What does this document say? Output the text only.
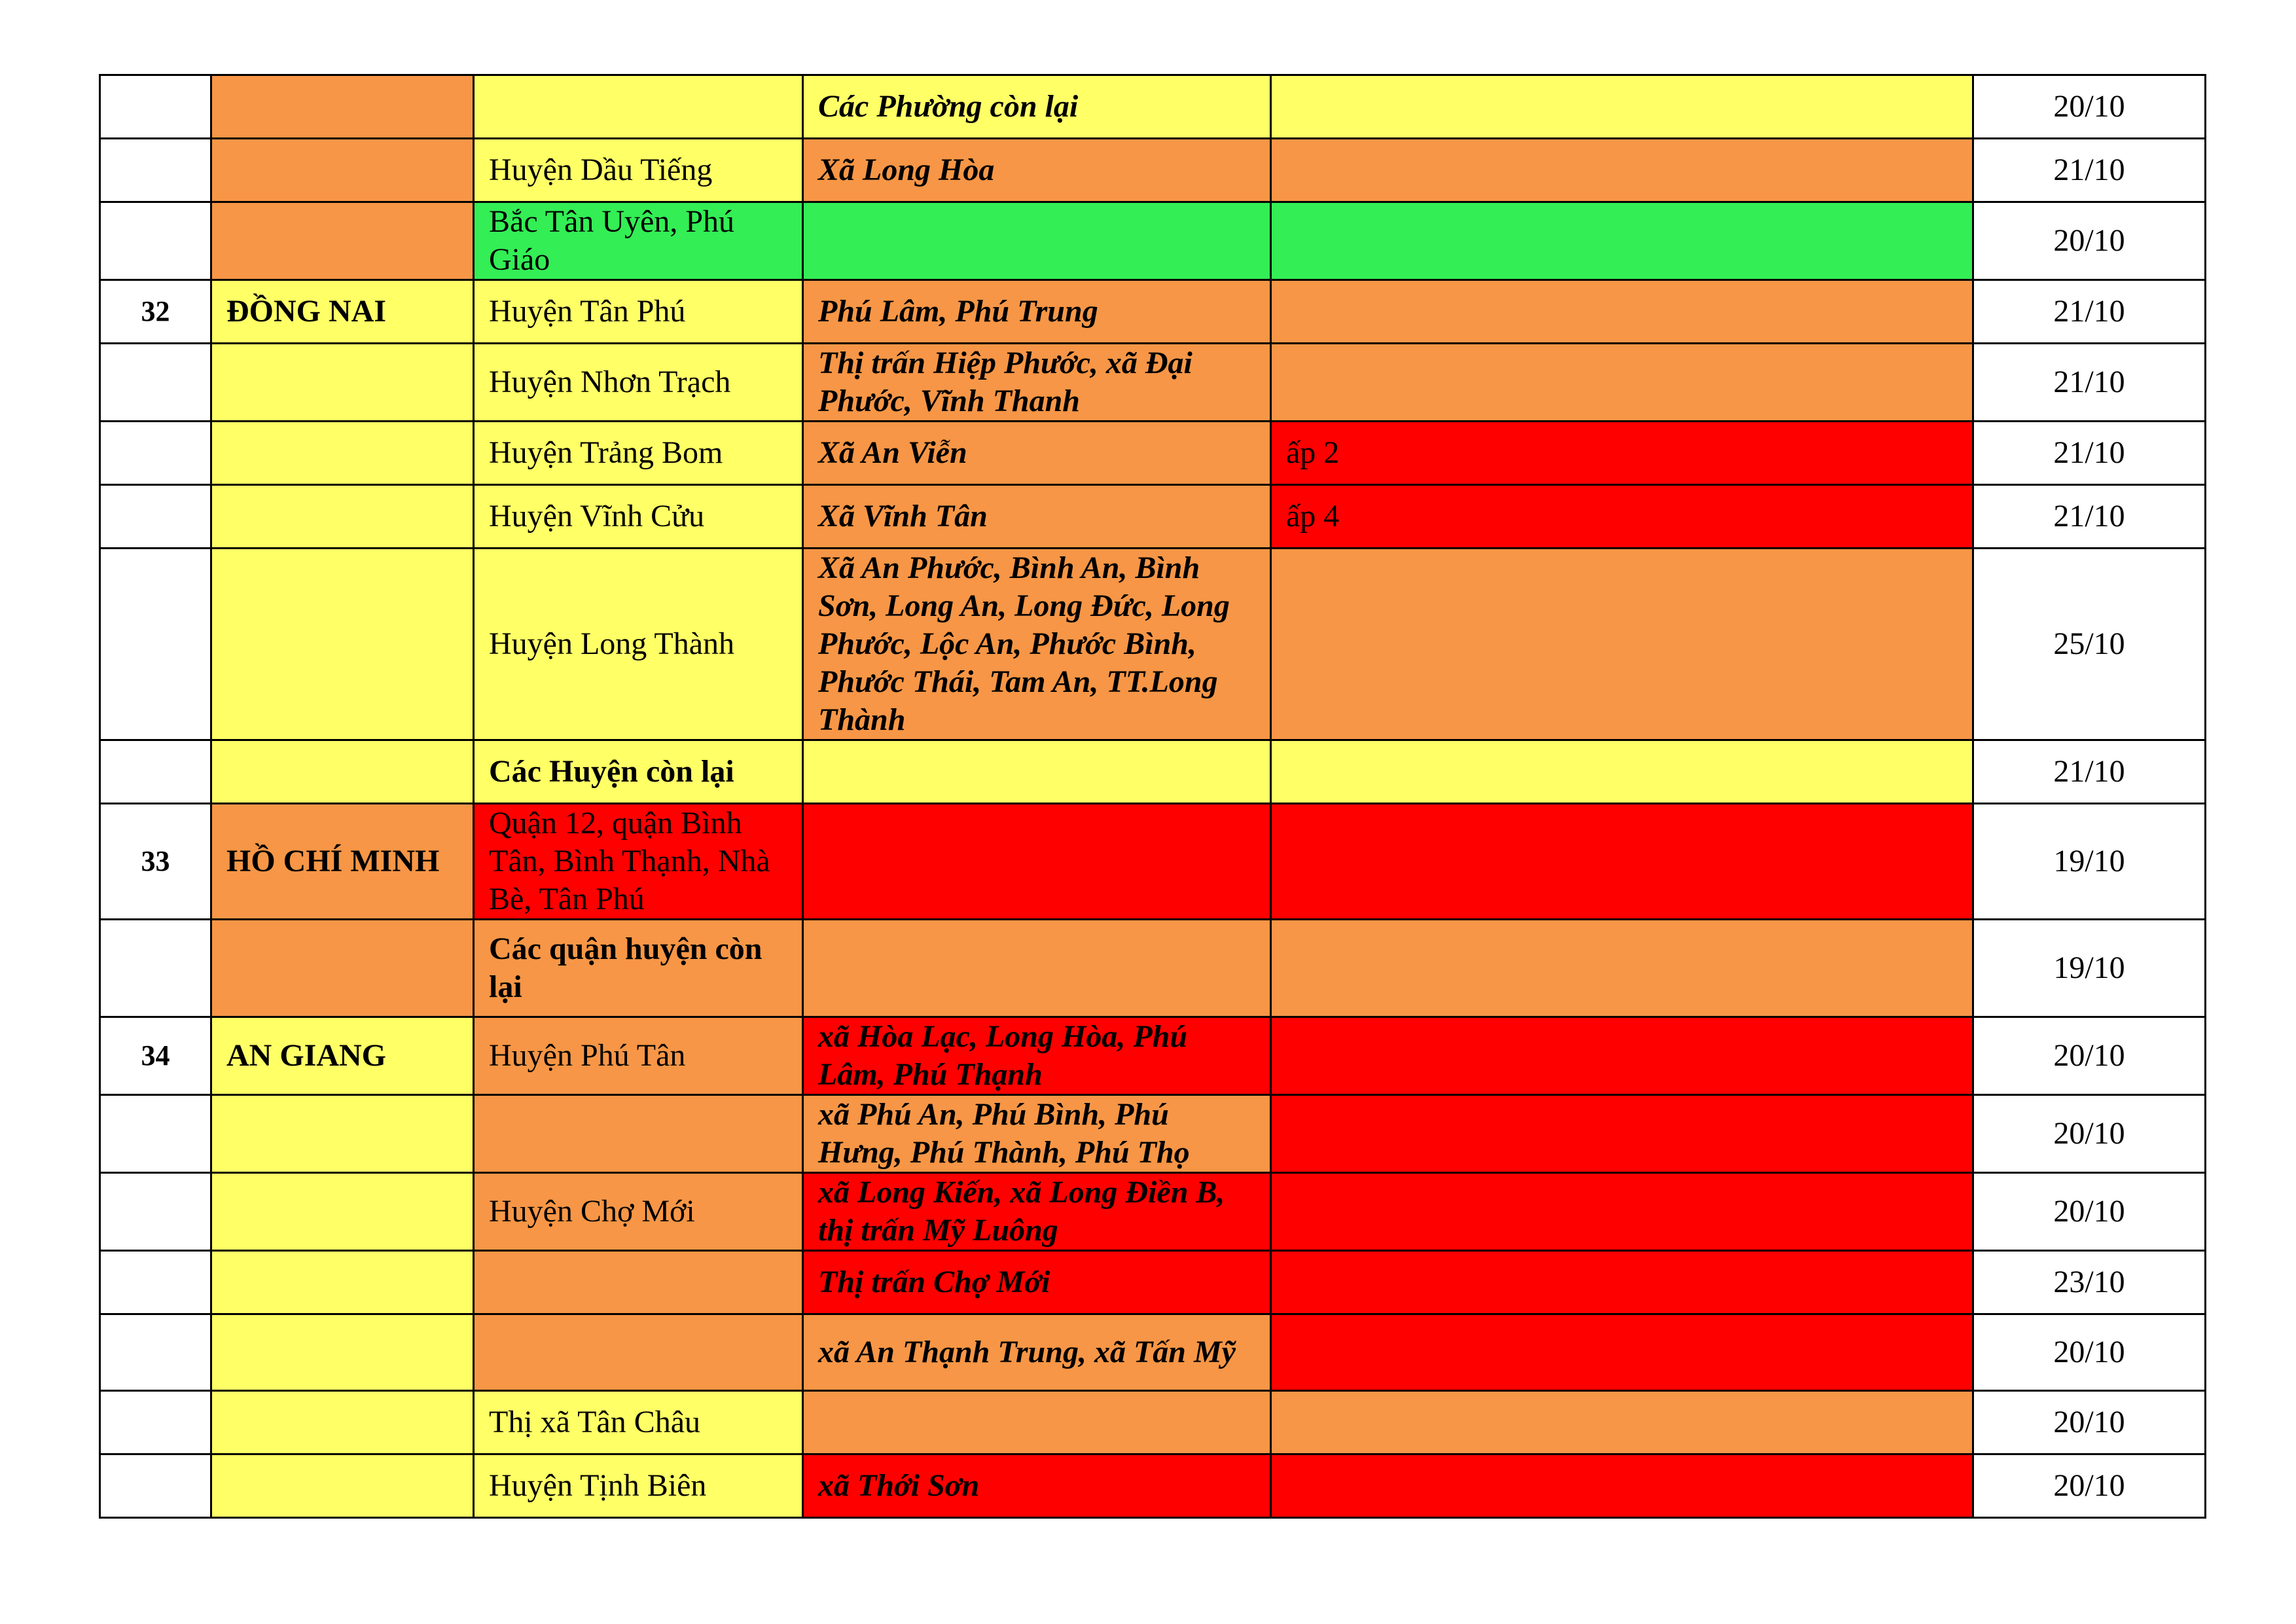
			Các Phường còn lại		20/10
		Huyện Dầu Tiếng	Xã Long Hòa		21/10
		Bắc Tân Uyên, Phú Giáo			20/10
32	ĐỒNG NAI	Huyện Tân Phú	Phú Lâm, Phú Trung		21/10
		Huyện Nhơn Trạch	Thị trấn Hiệp Phước, xã Đại Phước, Vĩnh Thanh		21/10
		Huyện Trảng Bom	Xã An Viễn	ấp 2	21/10
		Huyện Vĩnh Cửu	Xã Vĩnh Tân	ấp 4	21/10
		Huyện Long Thành	Xã An Phước, Bình An, Bình Sơn, Long An, Long Đức, Long Phước, Lộc An, Phước Bình, Phước Thái, Tam An, TT.Long Thành		25/10
		Các Huyện còn lại			21/10
33	HỒ CHÍ MINH	Quận 12, quận Bình Tân, Bình Thạnh, Nhà Bè, Tân Phú			19/10
		Các quận huyện còn lại			19/10
34	AN GIANG	Huyện Phú Tân	xã Hòa Lạc, Long Hòa, Phú Lâm, Phú Thạnh		20/10
			xã Phú An, Phú Bình, Phú Hưng, Phú Thành, Phú Thọ		20/10
		Huyện Chợ Mới	xã Long Kiến, xã Long Điền B, thị trấn Mỹ Luông		20/10
			Thị trấn Chợ Mới		23/10
			xã An Thạnh Trung, xã Tấn Mỹ		20/10
		Thị xã Tân Châu			20/10
		Huyện Tịnh Biên	xã Thới Sơn		20/10
